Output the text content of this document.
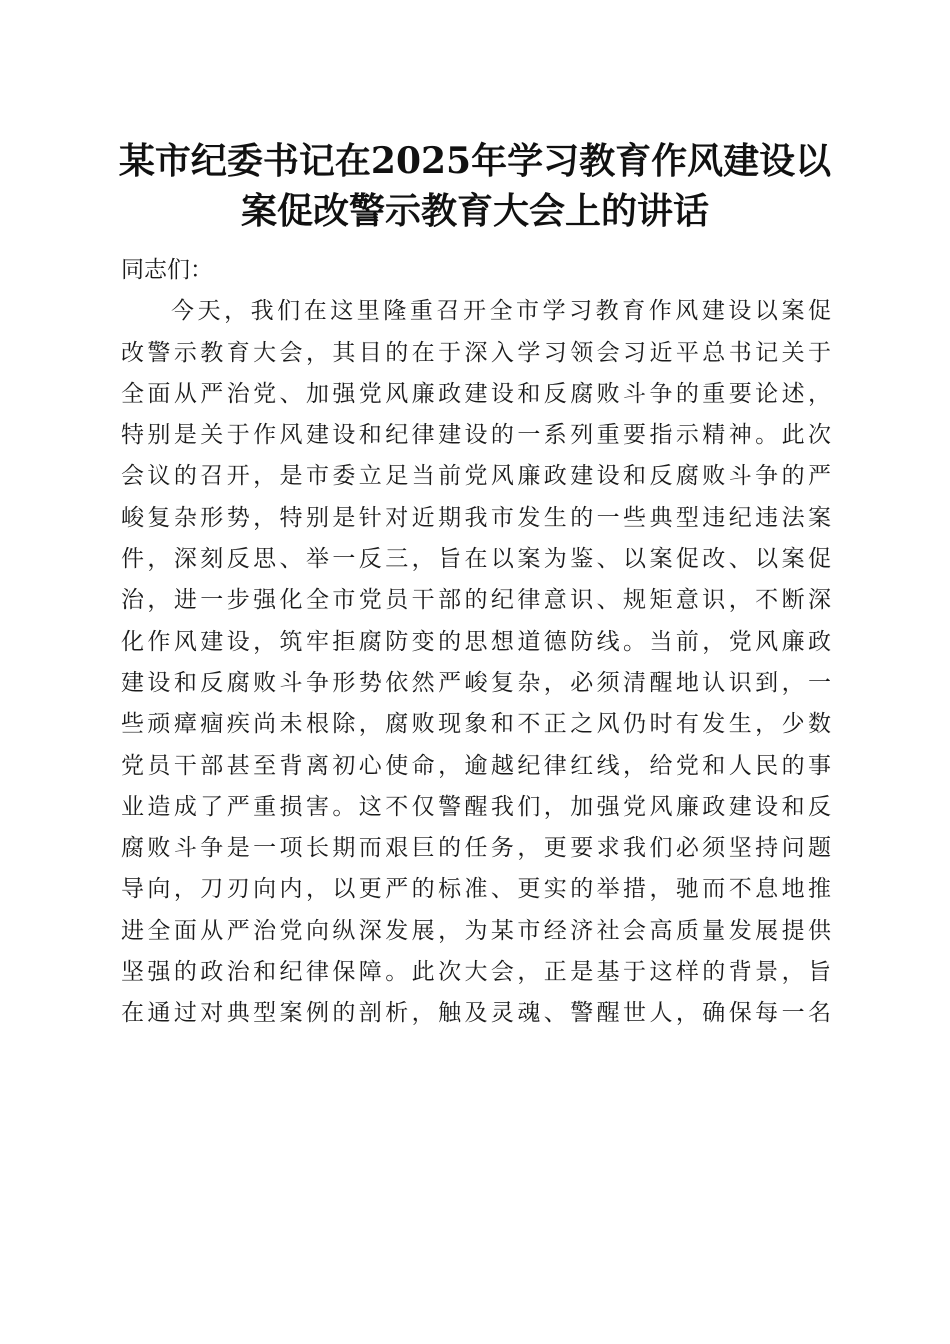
某市纪委书记在2025年学习教育作风建设以
案促改警示教育大会上的讲话
同志们：
今天，我们在这里隆重召开全市学习教育作风建设以案促
改警示教育大会，其目的在于深入学习领会习近平总书记关于
全面从严治党、加强党风廉政建设和反腐败斗争的重要论述，
特别是关于作风建设和纪律建设的一系列重要指示精神。此次
会议的召开，是市委立足当前党风廉政建设和反腐败斗争的严
峻复杂形势，特别是针对近期我市发生的一些典型违纪违法案
件，深刻反思、举一反三，旨在以案为鉴、以案促改、以案促
治，进一步强化全市党员干部的纪律意识、规矩意识，不断深
化作风建设，筑牢拒腐防变的思想道德防线。当前，党风廉政
建设和反腐败斗争形势依然严峻复杂，必须清醒地认识到，一
些顽瘴痼疾尚未根除，腐败现象和不正之风仍时有发生，少数
党员干部甚至背离初心使命，逾越纪律红线，给党和人民的事
业造成了严重损害。这不仅警醒我们，加强党风廉政建设和反
腐败斗争是一项长期而艰巨的任务，更要求我们必须坚持问题
导向，刀刃向内，以更严的标准、更实的举措，驰而不息地推
进全面从严治党向纵深发展，为某市经济社会高质量发展提供
坚强的政治和纪律保障。此次大会，正是基于这样的背景，旨
在通过对典型案例的剖析，触及灵魂、警醒世人，确保每一名
